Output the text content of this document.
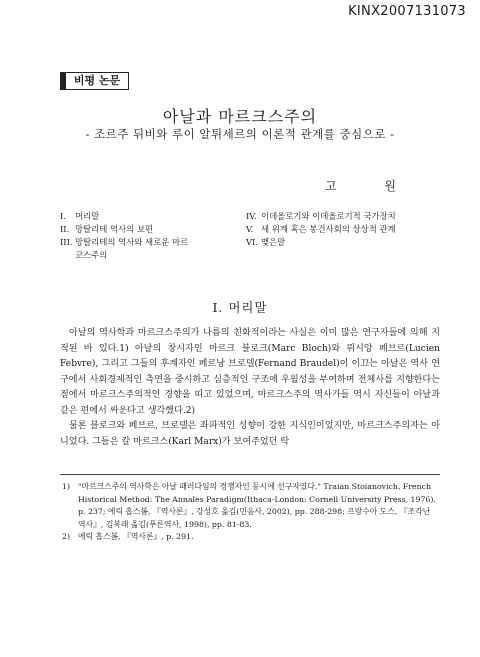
KINX2007131073
비평 논문
아날과 마르크스주의
- 조르주 뒤비와 루이 알튀세르의 이론적 관계를 중심으로 -
고 원
I. 머리말
II. 망탈리테 역사의 보편
III. 망탈리테의 역사와 새로운 마르코스주의
IV. 이데올로기와 이데올로기적 국가장치
V. 세 위계 혹은 봉건사회의 상상적 관계
VI. 맺은말
I. 머리말

아날의 역사학과 마르크스주의가 나름의 친화적이라는 사실은 이미 많은 연구자들에 의해 지적된 바 있다.1) 아날의 창시자인 마르크 블로크(Marc Bloch)와 뤼시앙 페브르(Lucien Febvre), 그리고 그들의 후계자인 페르낭 브로델(Fernand Braudel)이 이끄는 아날은 역사 연구에서 사회경제적인 측면을 중시하고 심층적인 구조에 우월성을 부여하며 전체사를 지향한다는 점에서 마르크스주의적인 경향을 띠고 있었으며, 마르크스주의 역사가들 역시 자신들이 아날과 같은 편에서 싸운다고 생각했다.2)

물론 블로크와 페브르, 브로델은 좌파적인 성향이 강한 지식인이었지만, 마르크스주의자는 아니었다. 그들은 칼 마르크스(Karl Marx)가 보여주었던 탁

1) "마르크스주의 역사학은 아날 패러다임의 경쟁자인 동시에 선구자였다." Traian Stoianovich, French Historical Method: The Annales Paradigm(Ithaca-London: Cornell University Press, 1976), p. 237; 에릭 홉스봄, 『역사론』, 강성호 옮김(민음사, 2002), pp. 288-298; 프랑수아 도스, 『조각난 역사』, 김복래 옮김(푸른역사, 1998), pp. 81-83.
2) 에릭 홉스봄, 『역사론』, p. 291.
